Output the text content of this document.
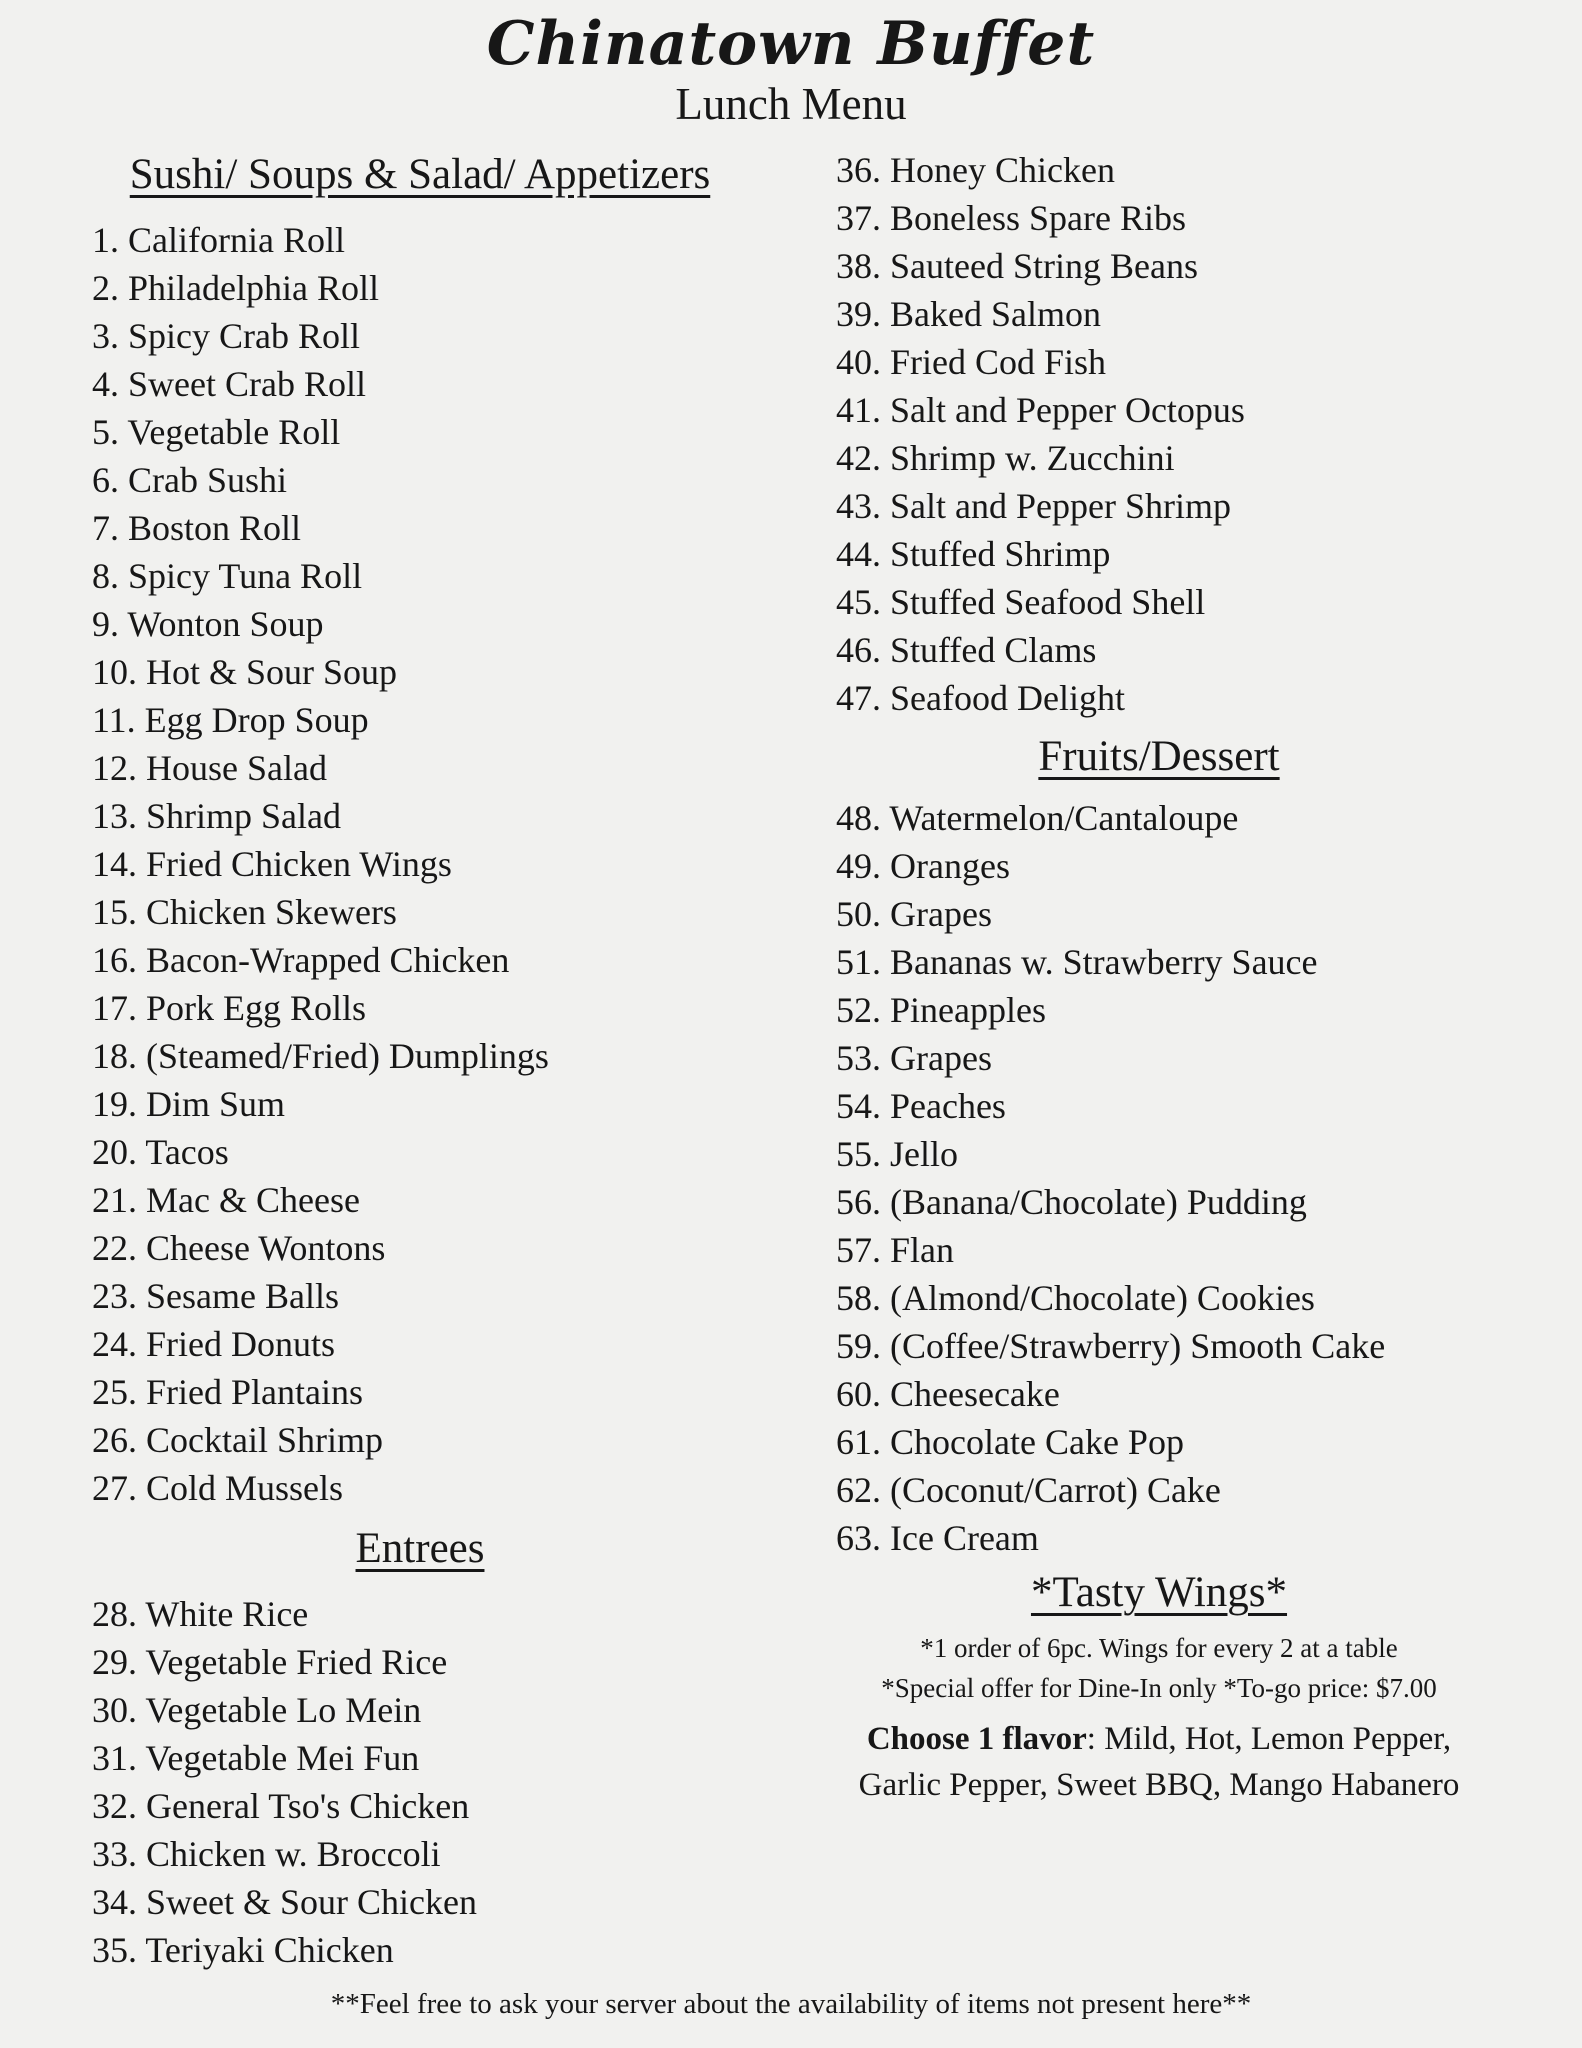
Chinatown Buffet
Lunch Menu
Sushi/ Soups & Salad/ Appetizers
1. California Roll
2. Philadelphia Roll
3. Spicy Crab Roll
4. Sweet Crab Roll
5. Vegetable Roll
6. Crab Sushi
7. Boston Roll
8. Spicy Tuna Roll
9. Wonton Soup
10. Hot & Sour Soup
11. Egg Drop Soup
12. House Salad
13. Shrimp Salad
14. Fried Chicken Wings
15. Chicken Skewers
16. Bacon-Wrapped Chicken
17. Pork Egg Rolls
18. (Steamed/Fried) Dumplings
19. Dim Sum
20. Tacos
21. Mac & Cheese
22. Cheese Wontons
23. Sesame Balls
24. Fried Donuts
25. Fried Plantains
26. Cocktail Shrimp
27. Cold Mussels
Entrees
28. White Rice
29. Vegetable Fried Rice
30. Vegetable Lo Mein
31. Vegetable Mei Fun
32. General Tso's Chicken
33. Chicken w. Broccoli
34. Sweet & Sour Chicken
35. Teriyaki Chicken
36. Honey Chicken
37. Boneless Spare Ribs
38. Sauteed String Beans
39. Baked Salmon
40. Fried Cod Fish
41. Salt and Pepper Octopus
42. Shrimp w. Zucchini
43. Salt and Pepper Shrimp
44. Stuffed Shrimp
45. Stuffed Seafood Shell
46. Stuffed Clams
47. Seafood Delight
Fruits/Dessert
48. Watermelon/Cantaloupe
49. Oranges
50. Grapes
51. Bananas w. Strawberry Sauce
52. Pineapples
53. Grapes
54. Peaches
55. Jello
56. (Banana/Chocolate) Pudding
57. Flan
58. (Almond/Chocolate) Cookies
59. (Coffee/Strawberry) Smooth Cake
60. Cheesecake
61. Chocolate Cake Pop
62. (Coconut/Carrot) Cake
63. Ice Cream
*Tasty Wings*

*1 order of 6pc. Wings for every 2 at a table

*Special offer for Dine-In only *To-go price: $7.00

Choose 1 flavor: Mild, Hot, Lemon Pepper, Garlic Pepper, Sweet BBQ, Mango Habanero

**Feel free to ask your server about the availability of items not present here**
